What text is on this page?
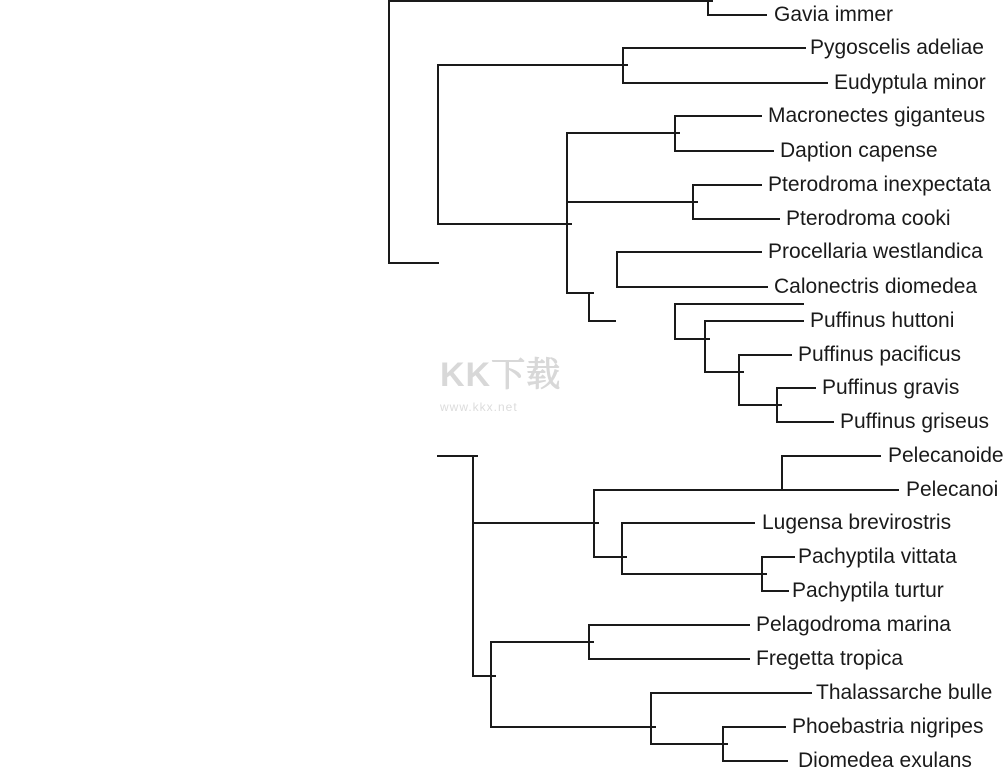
Gavia immer
Pygoscelis adeliae
Eudyptula minor
Macronectes giganteus
Daption capense
Pterodroma inexpectata
Pterodroma cooki
Procellaria westlandica
Calonectris diomedea
Puffinus huttoni
Puffinus pacificus
Puffinus gravis
Puffinus griseus
Pelecanoide
Pelecanoi
Lugensa brevirostris
Pachyptila vittata
Pachyptila turtur
Pelagodroma marina
Fregetta tropica
Thalassarche bulle
Phoebastria nigripes
Diomedea exulans
KK下载
www.kkx.net
